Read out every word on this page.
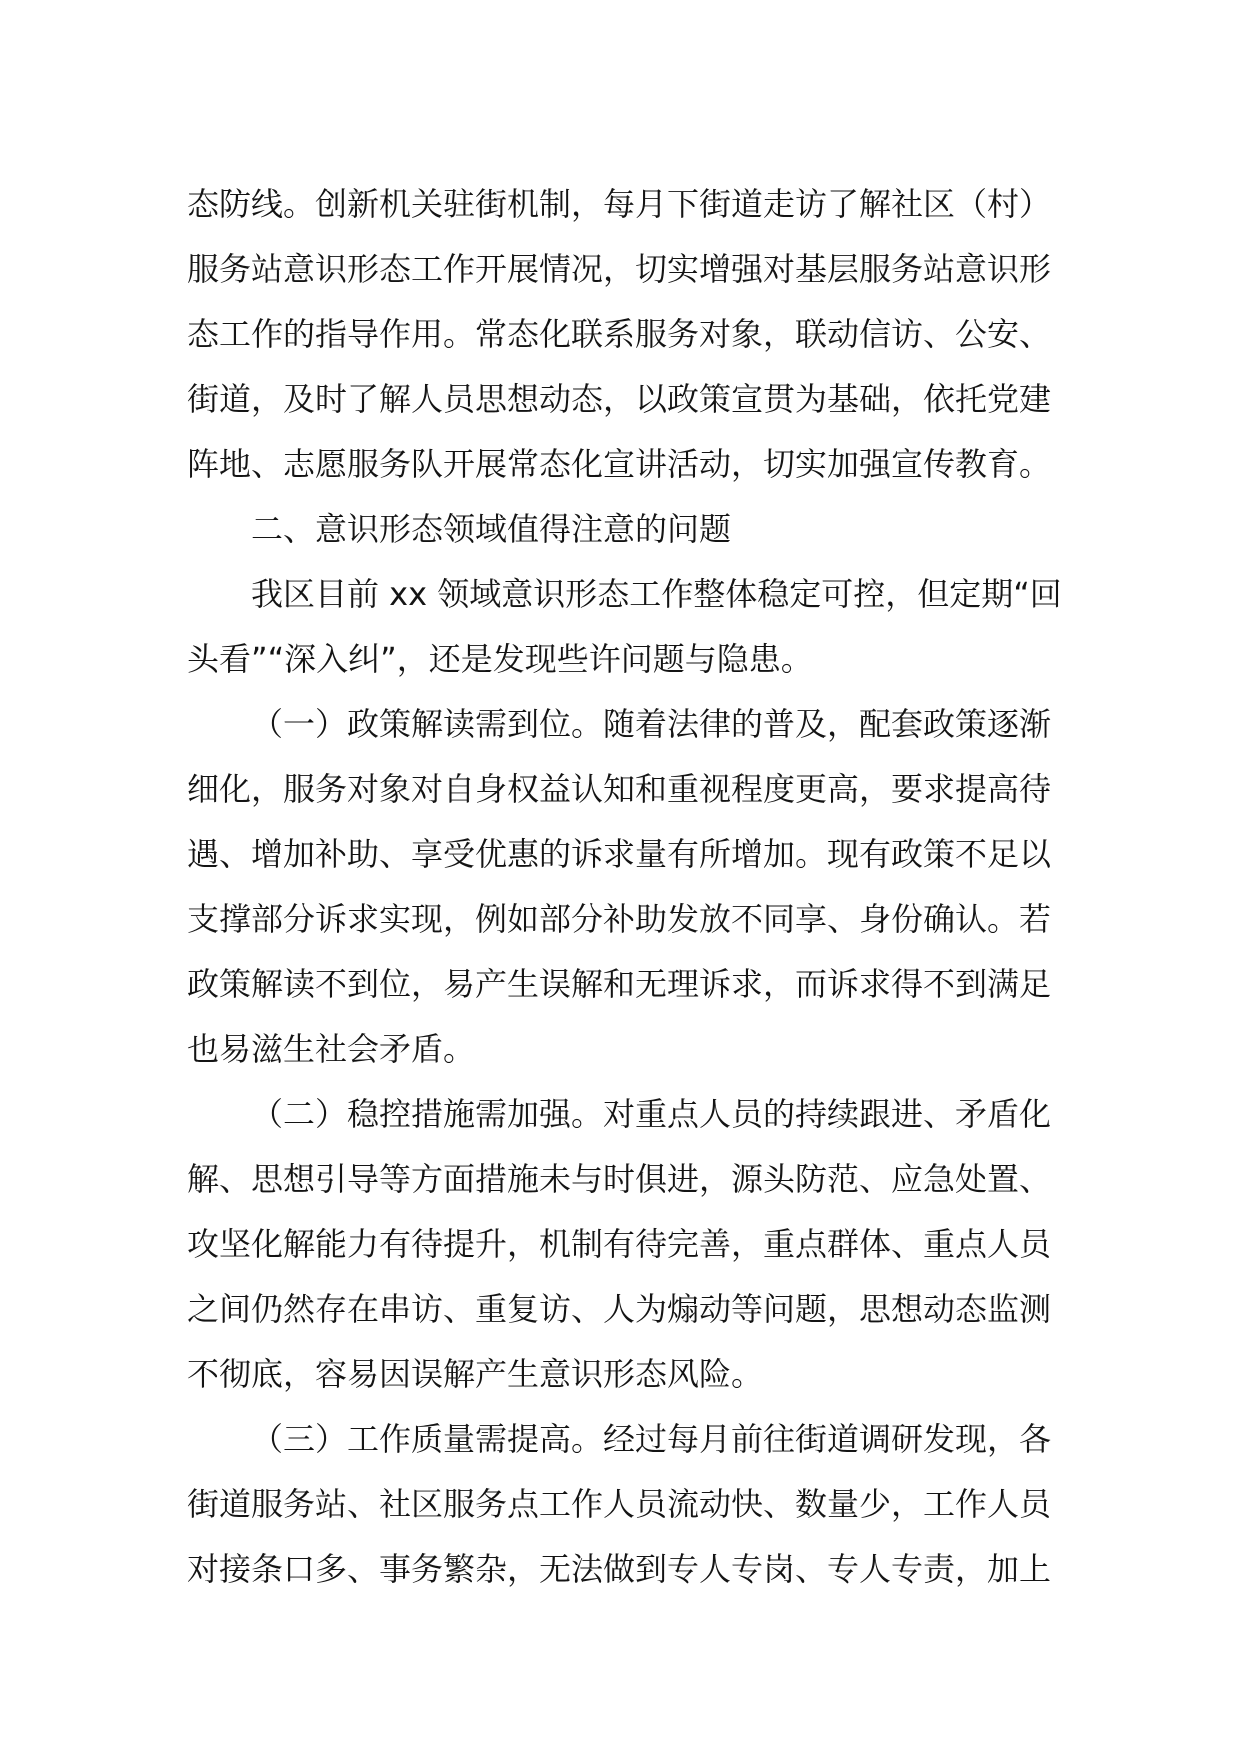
态防线。创新机关驻街机制，每月下街道走访了解社区（村）
服务站意识形态工作开展情况，切实增强对基层服务站意识形
态工作的指导作用。常态化联系服务对象，联动信访、公安、
街道，及时了解人员思想动态，以政策宣贯为基础，依托党建
阵地、志愿服务队开展常态化宣讲活动，切实加强宣传教育。
二、意识形态领域值得注意的问题
我区目前 xx 领域意识形态工作整体稳定可控，但定期“回
头看”“深入纠”，还是发现些许问题与隐患。
（一）政策解读需到位。随着法律的普及，配套政策逐渐
细化，服务对象对自身权益认知和重视程度更高，要求提高待
遇、增加补助、享受优惠的诉求量有所增加。现有政策不足以
支撑部分诉求实现，例如部分补助发放不同享、身份确认。若
政策解读不到位，易产生误解和无理诉求，而诉求得不到满足
也易滋生社会矛盾。
（二）稳控措施需加强。对重点人员的持续跟进、矛盾化
解、思想引导等方面措施未与时俱进，源头防范、应急处置、
攻坚化解能力有待提升，机制有待完善，重点群体、重点人员
之间仍然存在串访、重复访、人为煽动等问题，思想动态监测
不彻底，容易因误解产生意识形态风险。
（三）工作质量需提高。经过每月前往街道调研发现，各
街道服务站、社区服务点工作人员流动快、数量少，工作人员
对接条口多、事务繁杂，无法做到专人专岗、专人专责，加上
